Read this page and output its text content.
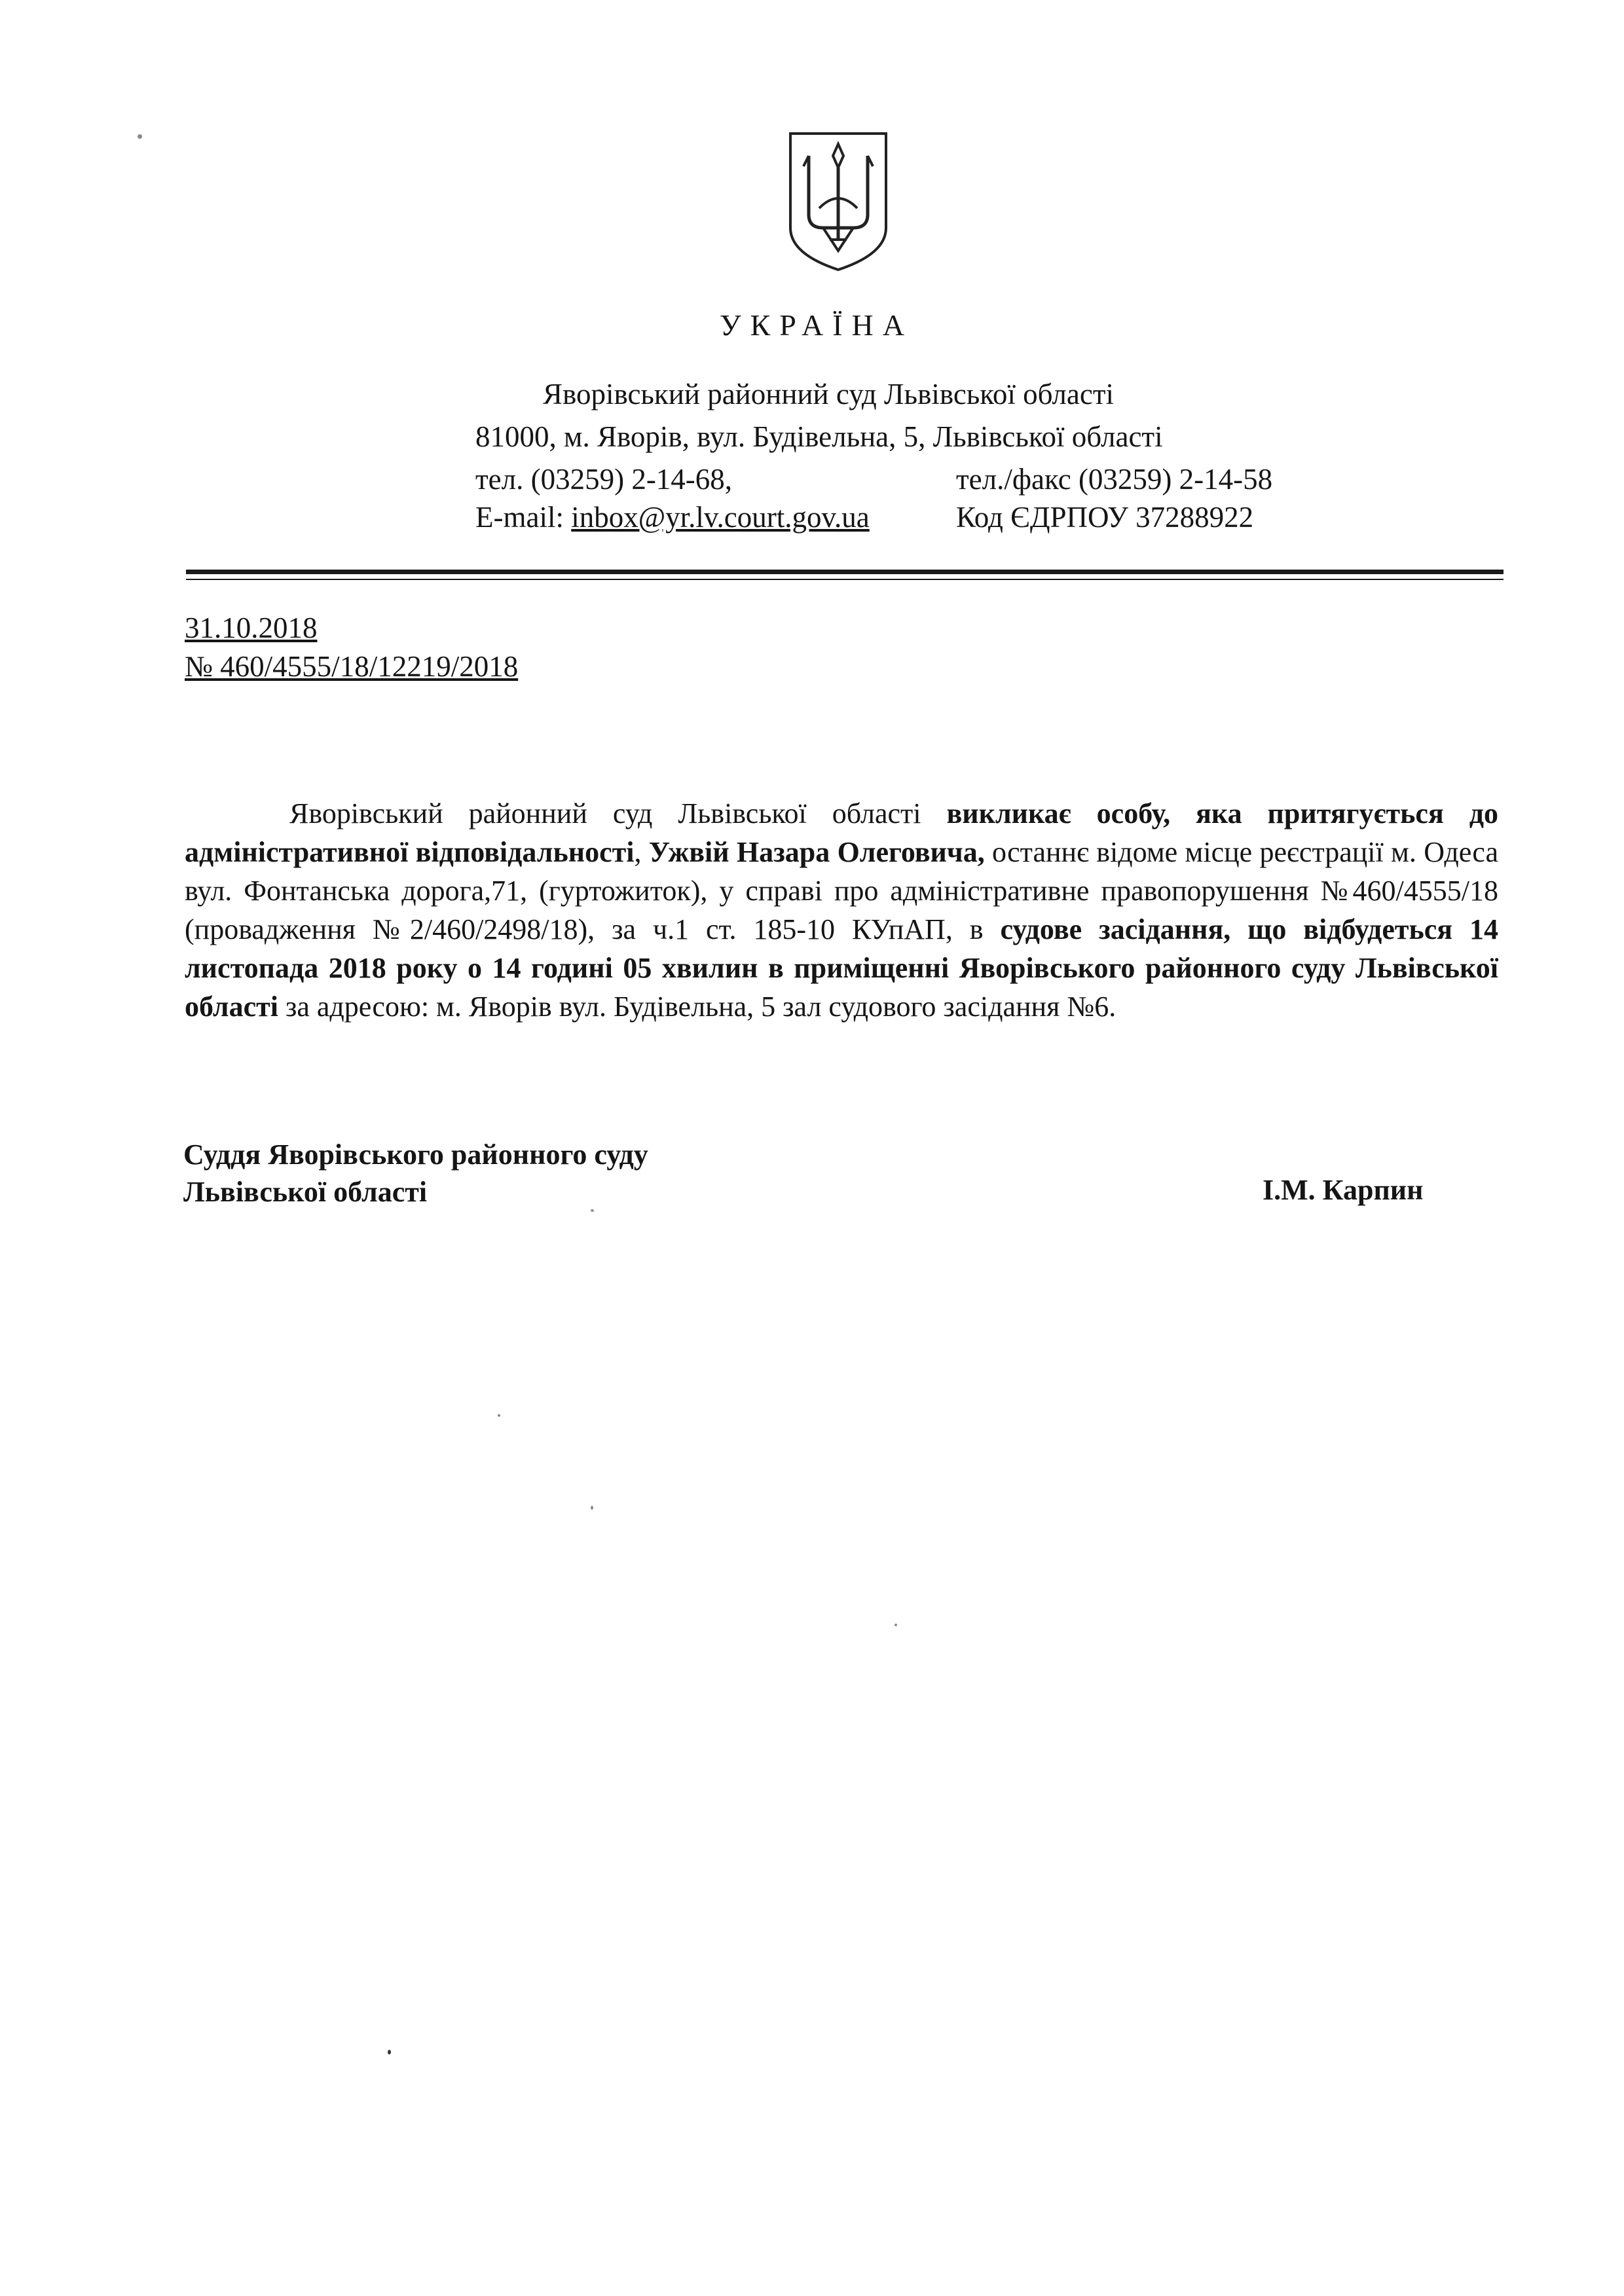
УКРАЇНА
Яворівський районний суд Львівської області
81000, м. Яворів, вул. Будівельна, 5, Львівської області
тел. (03259) 2-14-68,	тел./факс (03259) 2-14-58
E-mail: inbox@yr.lv.court.gov.ua	Код ЄДРПОУ 37288922
31.10.2018
№ 460/4555/18/12219/2018
Яворівський районний суд Львівської області викликає особу, яка притягується до адміністративної відповідальності, Ужвій Назара Олеговича, останнє відоме місце реєстрації м. Одеса вул. Фонтанська дорога,71, (гуртожиток), у справі про адміністративне правопорушення №460/4555/18 (провадження №2/460/2498/18), за ч.1 ст. 185-10 КУпАП, в судове засідання, що відбудеться 14 листопада 2018 року о 14 годині 05 хвилин в приміщенні Яворівського районного суду Львівської області за адресою: м. Яворів вул. Будівельна, 5 зал судового засідання №6.
Суддя Яворівського районного суду
Львівської області	І.М. Карпин
